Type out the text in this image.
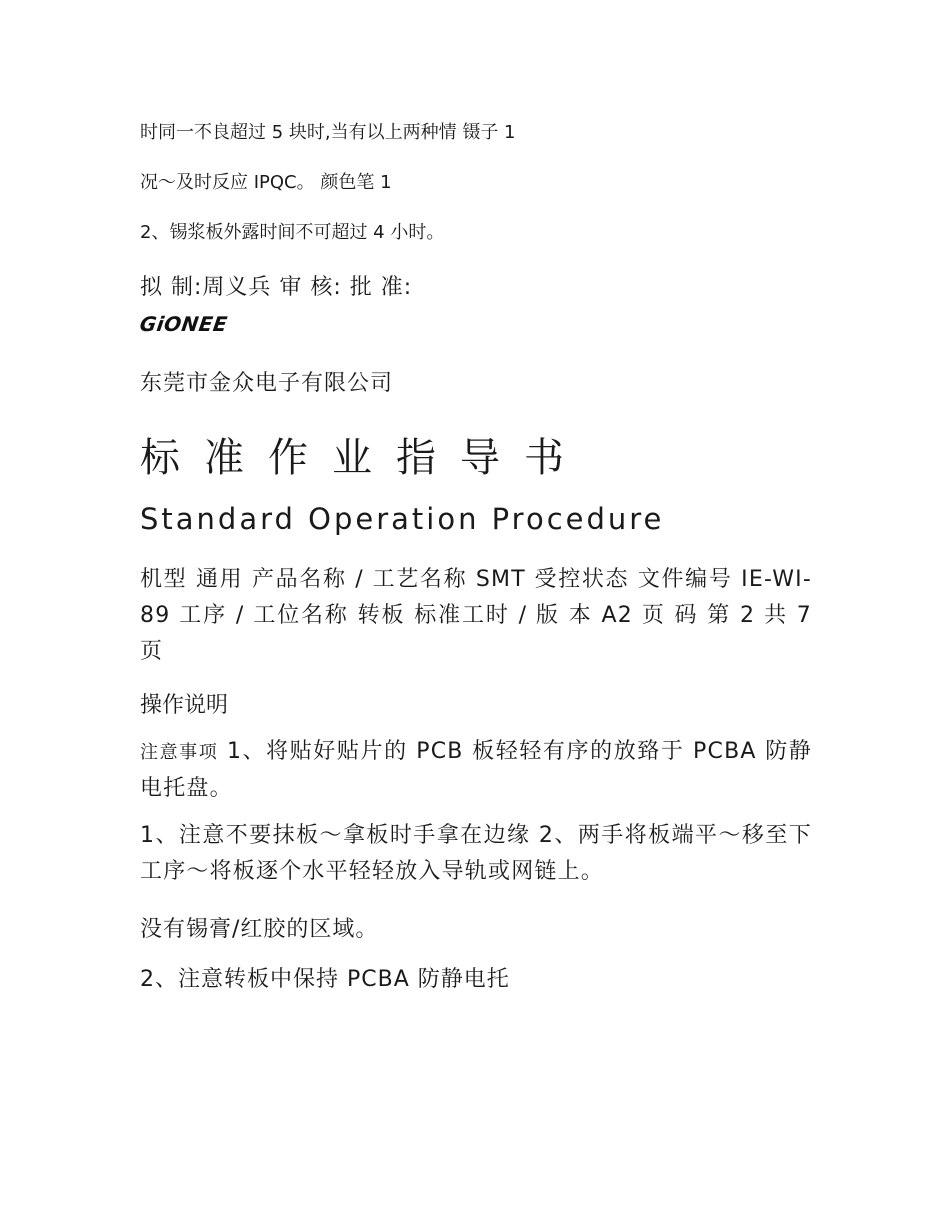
时同一不良超过 5 块时,当有以上两种情 镊子 1
况～及时反应 IPQC。 颜色笔 1
2、锡浆板外露时间不可超过 4 小时。
拟 制:周义兵 审 核: 批 准:
GiONEE
东莞市金众电子有限公司
标准作业指导书
Standard Operation Procedure
机型 通用 产品名称 / 工艺名称 SMT 受控状态 文件编号 IE-WI-89 工序 / 工位名称 转板 标准工时 / 版 本 A2 页 码 第 2 共 7 页
操作说明
注意事项 1、将贴好贴片的 PCB 板轻轻有序的放臵于 PCBA 防静电托盘。
1、注意不要抹板～拿板时手拿在边缘 2、两手将板端平～移至下工序～将板逐个水平轻轻放入导轨或网链上。
没有锡膏/红胶的区域。
2、注意转板中保持 PCBA 防静电托
